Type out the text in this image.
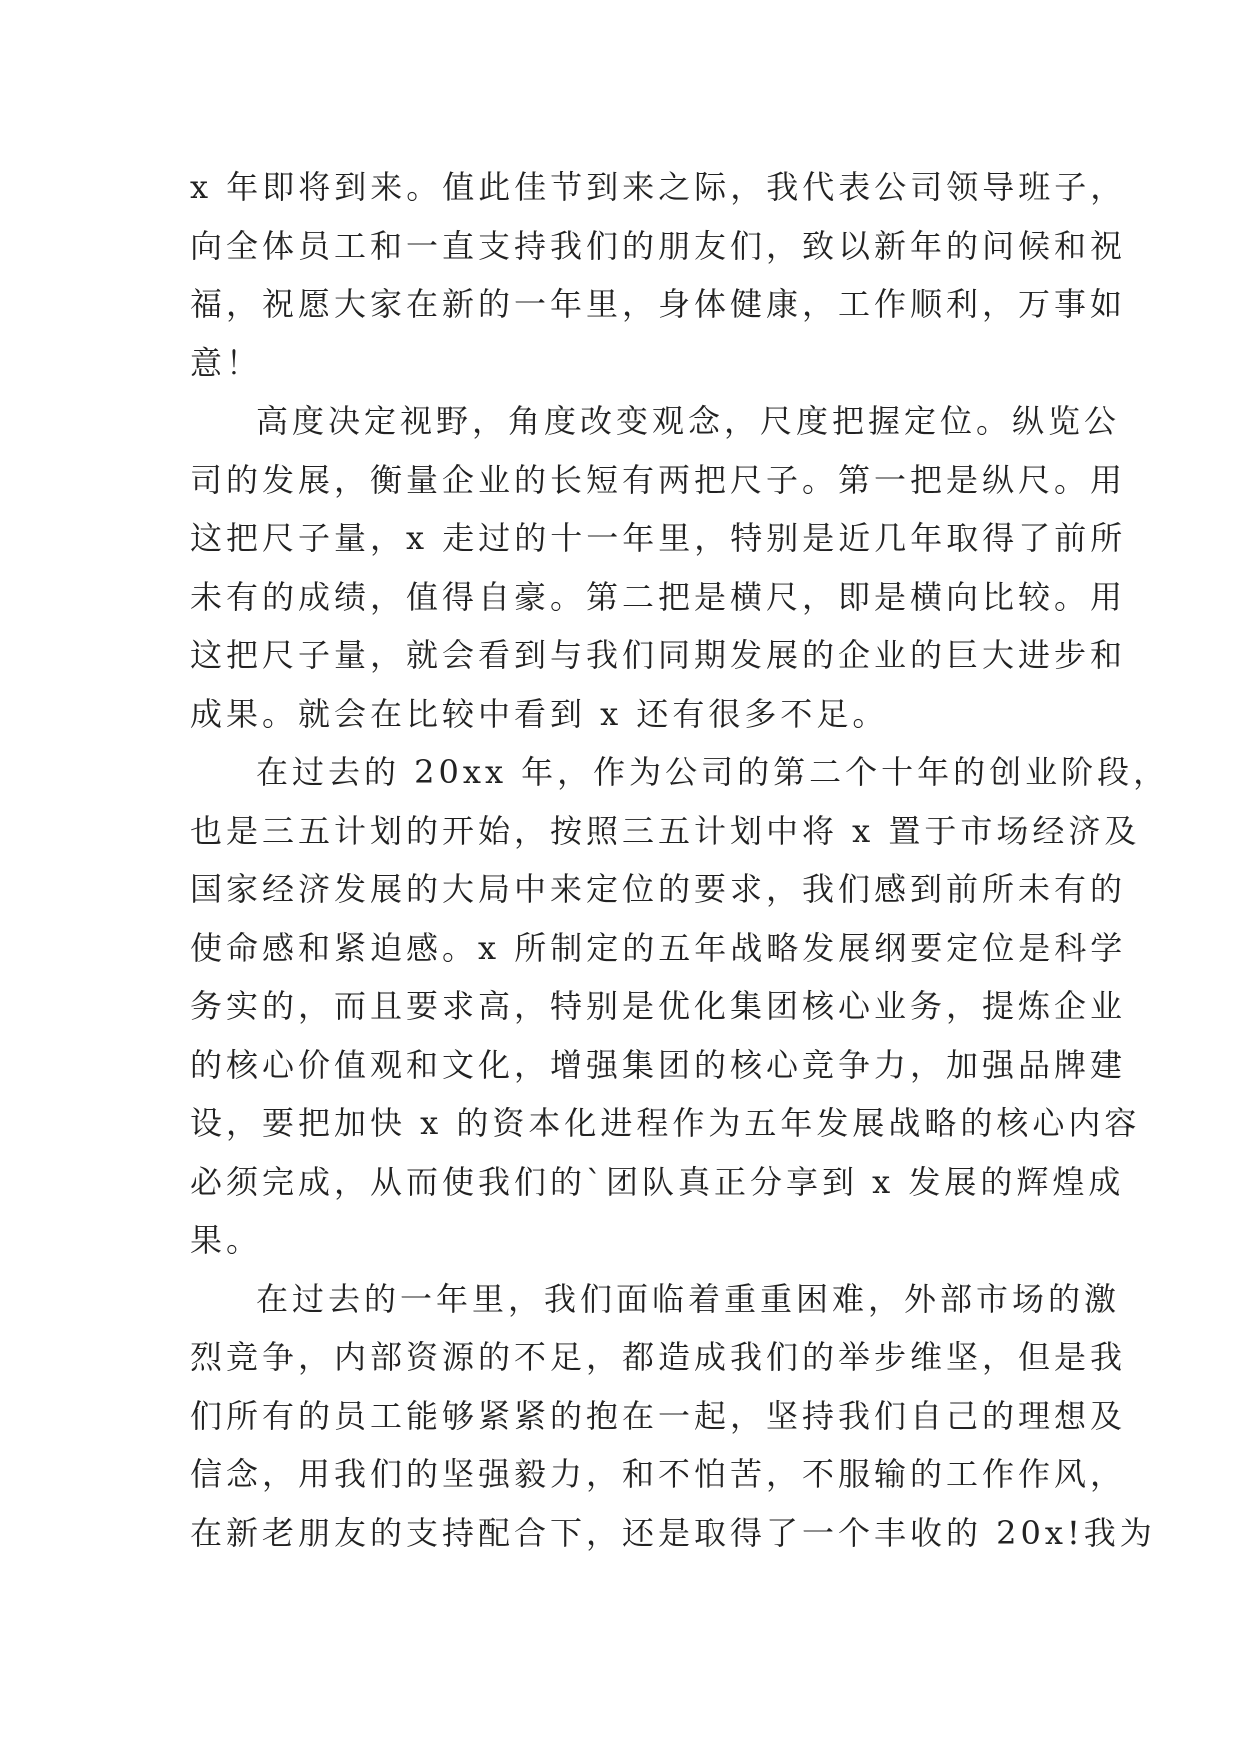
x 年即将到来。值此佳节到来之际，我代表公司领导班子，
向全体员工和一直支持我们的朋友们，致以新年的问候和祝
福，祝愿大家在新的一年里，身体健康，工作顺利，万事如
意！
高度决定视野，角度改变观念，尺度把握定位。纵览公
司的发展，衡量企业的长短有两把尺子。第一把是纵尺。用
这把尺子量，x 走过的十一年里，特别是近几年取得了前所
未有的成绩，值得自豪。第二把是横尺，即是横向比较。用
这把尺子量，就会看到与我们同期发展的企业的巨大进步和
成果。就会在比较中看到 x 还有很多不足。
在过去的 20xx 年，作为公司的第二个十年的创业阶段，
也是三五计划的开始，按照三五计划中将 x 置于市场经济及
国家经济发展的大局中来定位的要求，我们感到前所未有的
使命感和紧迫感。x 所制定的五年战略发展纲要定位是科学
务实的，而且要求高，特别是优化集团核心业务，提炼企业
的核心价值观和文化，增强集团的核心竞争力，加强品牌建
设，要把加快 x 的资本化进程作为五年发展战略的核心内容
必须完成，从而使我们的`团队真正分享到 x 发展的辉煌成
果。
在过去的一年里，我们面临着重重困难，外部市场的激
烈竞争，内部资源的不足，都造成我们的举步维坚，但是我
们所有的员工能够紧紧的抱在一起，坚持我们自己的理想及
信念，用我们的坚强毅力，和不怕苦，不服输的工作作风，
在新老朋友的支持配合下，还是取得了一个丰收的 20x!我为
